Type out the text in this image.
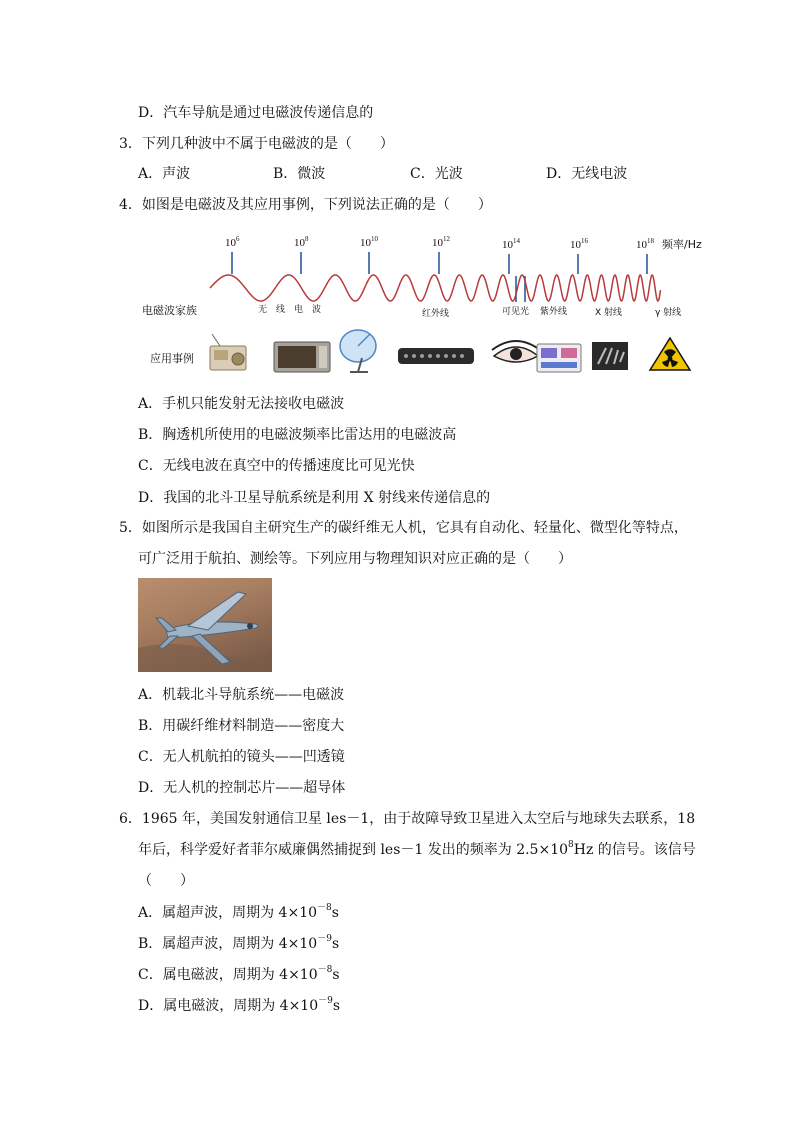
D．汽车导航是通过电磁波传递信息的
3．下列几种波中不属于电磁波的是（　　）
A．声波	B．微波	C．光波	D．无线电波
4．如图是电磁波及其应用事例，下列说法正确的是（　　）
$10^6$	$10^8$	$10^{10}$	$10^{12}$	$10^{14}$	$10^{16}$	$10^{18}$ 频率/Hz
电磁波家族	无　线　电　波	红外线	可见光 紫外线	X 射线	γ 射线
应用事例
A．手机只能发射无法接收电磁波
B．胸透机所使用的电磁波频率比雷达用的电磁波高
C．无线电波在真空中的传播速度比可见光快
D．我国的北斗卫星导航系统是利用 X 射线来传递信息的
5．如图所示是我国自主研究生产的碳纤维无人机，它具有自动化、轻量化、微型化等特点，
可广泛用于航拍、测绘等。下列应用与物理知识对应正确的是（　　）
A．机载北斗导航系统——电磁波
B．用碳纤维材料制造——密度大
C．无人机航拍的镜头——凹透镜
D．无人机的控制芯片——超导体
6．1965 年，美国发射通信卫星 les－1，由于故障导致卫星进入太空后与地球失去联系，18
年后，科学爱好者菲尔威廉偶然捕捉到 les－1 发出的频率为 $2.5\times 10^8Hz$ 的信号。该信号
（　　）
A．属超声波，周期为 $4\times 10^{-8}s$
B．属超声波，周期为 $4\times 10^{-9}s$
C．属电磁波，周期为 $4\times 10^{-8}s$
D．属电磁波，周期为 $4\times 10^{-9}s$
